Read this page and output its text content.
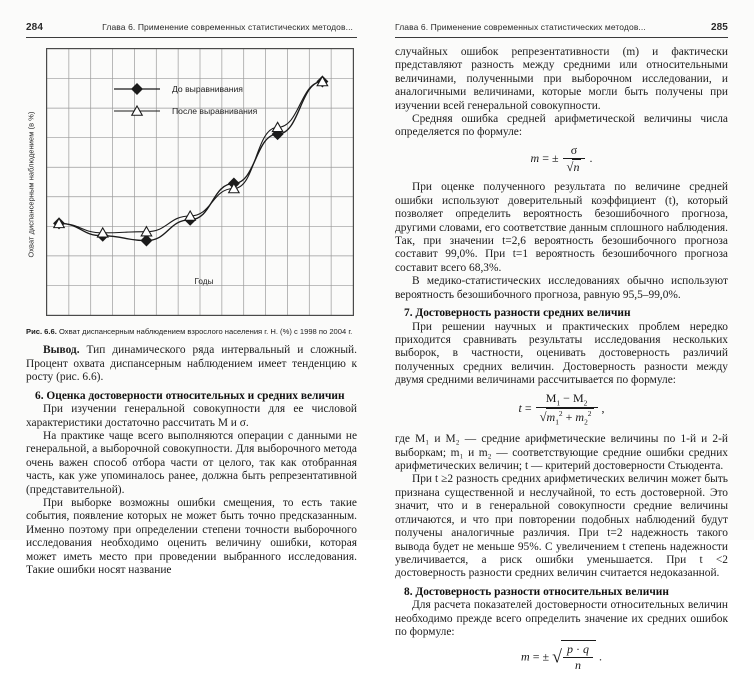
284	Глава 6. Применение современных статистических методов...
Охват диспансерным наблюдением (в %)
До выравнивания
После выравнивания
Годы
Рис. 6.6. Охват диспансерным наблюдением взрослого населения г. Н. (%) с 1998 по 2004 г.

Вывод. Тип динамического ряда интервальный и сложный. Процент охвата диспансерным наблюдением имеет тенденцию к росту (рис. 6.6).

6. Оценка достоверности относительных и средних величин

При изучении генеральной совокупности для ее числовой характеристики достаточно рассчитать М и σ.

На практике чаще всего выполняются операции с данными не генеральной, а выборочной совокупности. Для выборочного метода очень важен способ отбора части от целого, так как отобранная часть, как уже упоминалось ранее, должна быть репрезентативной (представительной).

При выборке возможны ошибки смещения, то есть такие события, появление которых не может быть точно предсказанным. Именно поэтому при определении степени точности выборочного исследования необходимо оценить величину ошибки, которая может иметь место при проведении выбранного исследования. Такие ошибки носят название

Глава 6. Применение современных статистических методов...	285

случайных ошибок репрезентативности (m) и фактически представляют разность между средними или относительными величинами, полученными при выборочном исследовании, и аналогичными величинами, которые могли быть получены при изучении всей генеральной совокупности.

Средняя ошибка средней арифметической величины числа определяется по формуле:

m = ± $\frac{\sigma}{√n}$ .

При оценке полученного результата по величине средней ошибки используют доверительный коэффициент (t), который позволяет определить вероятность безошибочного прогноза, другими словами, его соответствие данным сплошного наблюдения. Так, при значении t=2,6 вероятность безошибочного прогноза составит 99,0%. При t=1 вероятность безошибочного прогноза составит всего 68,3%.

В медико-статистических исследованиях обычно используют вероятность безошибочного прогноза, равную 95,5–99,0%.

7. Достоверность разности средних величин

При решении научных и практических проблем нередко приходится сравнивать результаты исследования нескольких выборок, в частности, оценивать достоверность различий полученных средних величин. Достоверность разности между двумя средними величинами рассчитывается по формуле:

$t = \frac{M_1 - M_2}{√m_1^2 + m_2^2}$ ,

где М₁ и М₂ — средние арифметические величины по 1-й и 2-й выборкам; m₁ и m₂ — соответствующие средние ошибки средних арифметических величин; t — критерий достоверности Стьюдента.

При t ≥2 разность средних арифметических величин может быть признана существенной и неслучайной, то есть достоверной. Это значит, что и в генеральной совокупности средние величины отличаются, и что при повторении подобных наблюдений будут получены аналогичные различия. При t=2 надежность такого вывода будет не меньше 95%. С увеличением t степень надежности увеличивается, а риск ошибки уменьшается. При t <2 достоверность разности средних величин считается недоказанной.

8. Достоверность разности относительных величин

Для расчета показателей достоверности относительных величин необходимо прежде всего определить значение их средних ошибок по формуле:

m = ± √ $\frac{p \cdot q}{n}$ .
